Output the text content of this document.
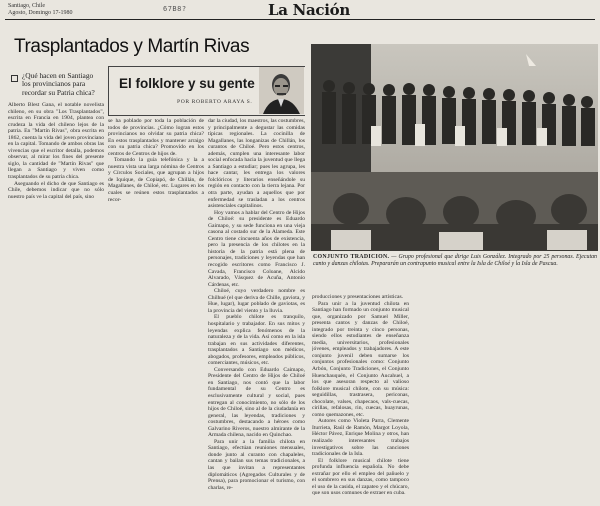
Santiago, Chile
Agosto, Domingo 17-1980	67B8?	La Nación
Trasplantados y Martín Rivas
¿Qué hacen en Santiago los provincianos para recordar su Patria chica?
El folklore y su gente
POR ROBERTO ARAYA S.

Alberto Blest Gana, el notable novelista chileno, en su obra "Los Trasplantados", escrita en Francia en 1904, plantea con crudeza la vida del chileno lejos de la patria. En "Martín Rivas", obra escrita en 1862, cuenta la vida del joven provinciano en la capital. Tomando de ambos obras las vivencias que el escritor detalla, podemos observar, al mirar los fines del presente siglo, la cantidad de "Martín Rivas" que llegan a Santiago y viven como trasplantados de su patria chica.

Aseguando el dicho de que Santiago es Chile, debemos indicar que no sólo nuestro país ve la capital del país, sino

se ha poblado por toda la población de todos de provincias. ¿Cómo logran estos provincianos no olvidar su patria chica? En estos trasplantados y mantener arraigo con su patria chica? Promovido en los centros de Centros de hijos de.

Tomando la guía telefónica y la a nuestra vista una larga nómina de Centros y Círculos Sociales, que agrupan a hijos de Iquique, de Copiapó, de Chillán, de Magallanes, de Chiloé, etc. Lugares en los cuales se reúnen estos trasplantados a recor-

dar la ciudad, los maestros, las costumbres, y principalmente a degustar las comidas típicas regionales. La cocinilla de Magallanes, las longanizas de Chillán, los curantos de Chiloé. Pero estos centros, además, cumplen una interesante labor social enfocada hacia la juventud que llega a Santiago a estudiar; pues les agrupa, les hace cantar, les entrega los valores folclóricos y literarios enseñándole su región en contacto con la tierra lejana. Por otra parte, ayudan a aquellos que por enfermedad se trasladan a los centros asistenciales capitalinos.

Hoy vamos a hablar del Centro de Hijos de Chiloé: su presidente es Eduardo Gaimapo, y su sede funciona en una vieja casona al costado sur de la Alameda. Este Centro tiene cincuenta años de existencia, pero la presencia de los chilotes en la historia de la patria está plena de personajes, tradiciones y leyendas que han recogido escritores como Francisco J. Cavada, Francisco Coloane, Alcido Alvarado, Vásquez de Acuña, Antonio Cárdenas, etc.

Chiloé, cuyo verdadero nombre es Chilhué (el que deriva de Chille, gaviota, y Hue, lugar), lugar poblado de gaviotas, es la provincia del viento y la lluvia.

El pueblo chilote es tranquilo, hospitalario y trabajador. En sus mitos y leyendas explica fenómenos de la naturaleza y de la vida. Así como en la isla trabajan en sus actividades diferentes, trasplantados a Santiago son médicos, abogados, profesores, empleados públicos, comerciantes, músicos, etc.

Conversando con Eduardo Caimapo, Presidente del Centro de Hijos de Chiloé en Santiago, nos contó que la labor fundamental de su Centro es esclusivamente cultural y social, pues entregan al conocimiento, no sólo de los hijos de Chiloé, sino al de la ciudadanía en general, las leyendas, tradiciones y costumbres, destacando a héroes como Galvarino Riveros, nuestro almirante de la Armada chilena, nacido en Quinchao.

Para unir a la familia chilota en Santiago, efectúan reuniones mensuales, donde junto al curanto con chapaleles, cantan y bailan sus temas tradicionales, a las que invitan a representantes diplomáticos (Agregados Culturales y de Prensa), para promocionar el turismo, con charlas, re-

CONJUNTO TRADICION. — Grupo profesional que dirige Luis González. Integrado por 25 personas. Ejecutan canto y danzas chilotas. Prepararán un contrapunto musical entre la Isla de Chiloé y la Isla de Pascua.

producciones y presentaciones artísticas.

Para unir a la juventud chilota en Santiago han formado un conjunto musical que, organizado por Samuel Miller, presenta cantos y danzas de Chiloé, integrado por treinta y cinco personas, siendo ellos estudiantes de enseñanza media, universitarios, profesionales jóvenes, empleados y trabajadores. A este conjunto juvenil deben sumarse los conjuntos profesionales como: Conjunto Arbón, Conjunto Tradiciones, el Conjunto Huenchauquén, el Conjunto Aucahuel, a los que asesoran respecto al valioso folklore musical chilote, con su música: seguidillas, trastrasera, periconas, chocolate, valses, chapecaos, vals-cuecas, cirillas, refalosas, rin, cuecas, huayrunas, como quemazones, etc.

Autores como Violeta Parra, Clemente Iturrieta, Raúl de Ramón, Margot Loyola, Héctor Pávez, Enrique Molina y otros, han realizado interesantes trabajos investigativos sobre las canciones tradicionales de la Isla.

El folklore musical chilote tiene profunda influencia española. No debe extrañar por ello el empleo del pañuelo y el sombrero en sus danzas, como tampoco el uso de la casida, el zapateo y el chúcaro, que son usos comunes de extraer en cuba.
